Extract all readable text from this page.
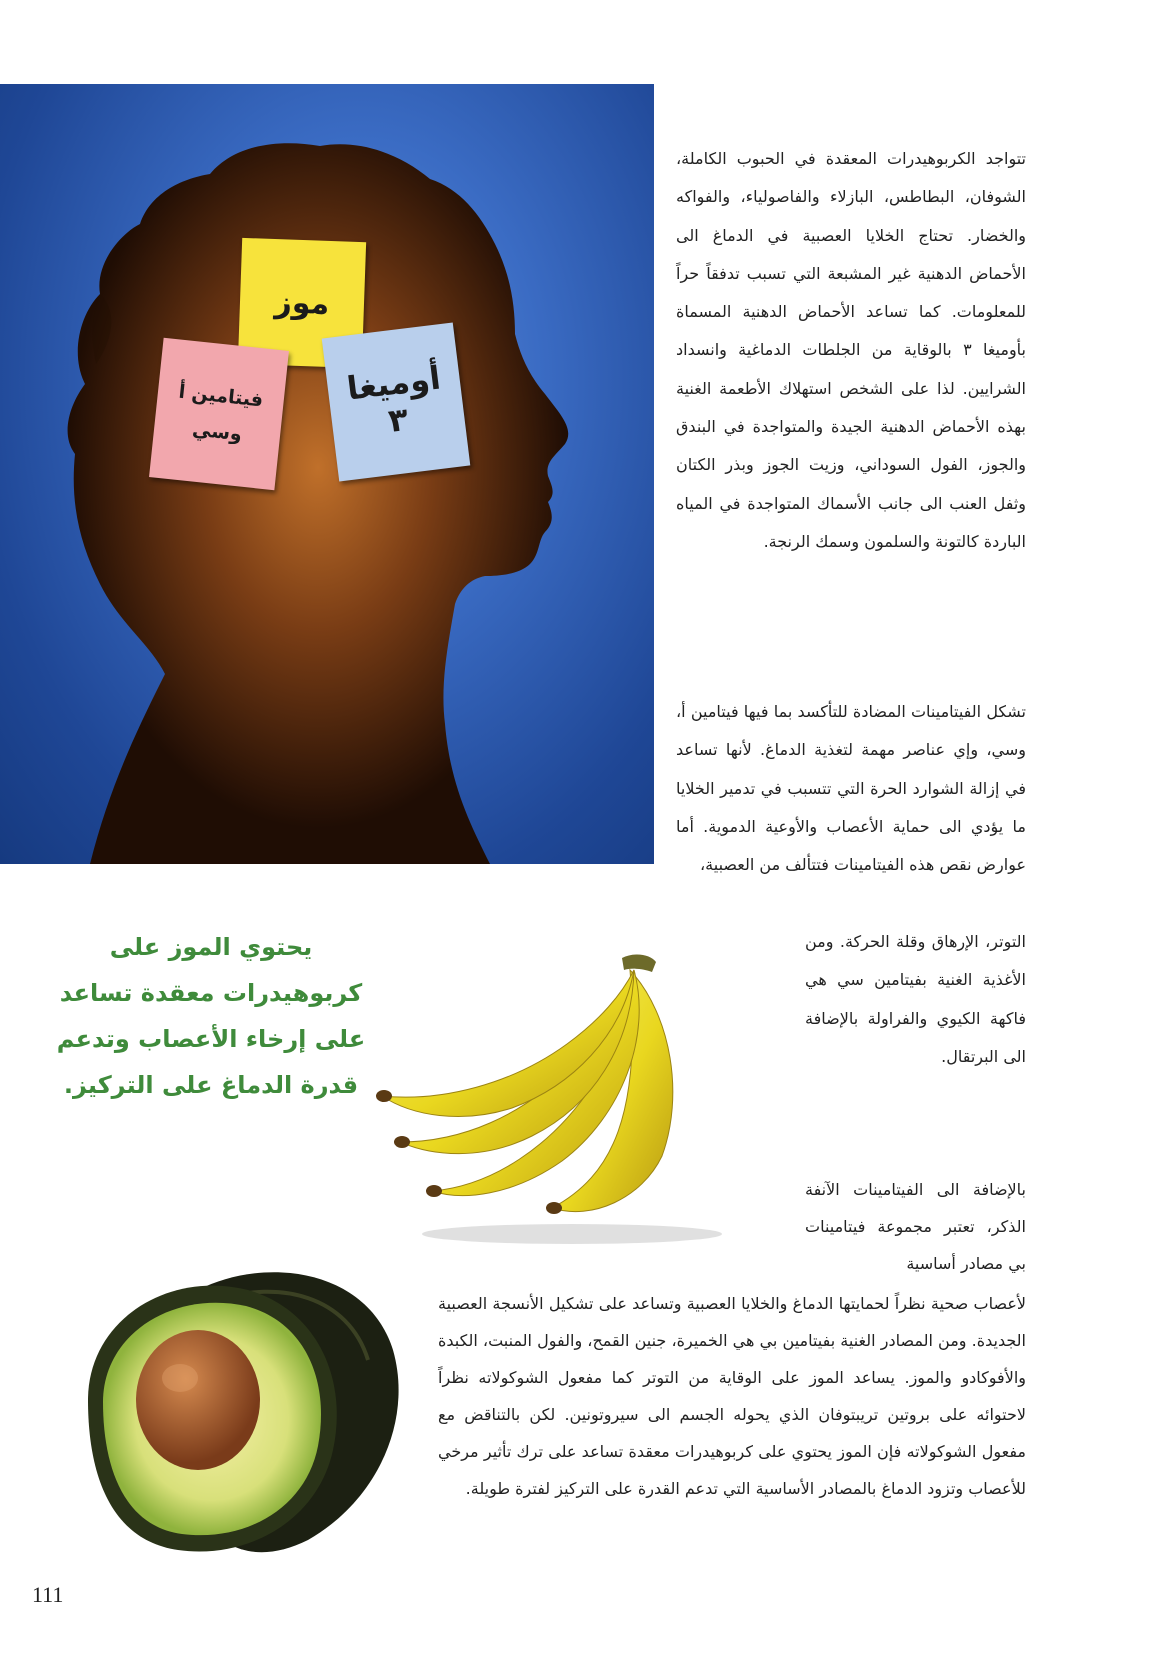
موز
فيتامين أ
وسي
أوميغا
٣

تتواجد الكربوهيدرات المعقدة في الحبوب الكاملة، الشوفان، البطاطس، البازلاء والفاصولياء، والفواكه والخضار. تحتاج الخلايا العصبية في الدماغ الى الأحماض الدهنية غير المشبعة التي تسبب تدفقاً حراً للمعلومات. كما تساعد الأحماض الدهنية المسماة بأوميغا ٣ بالوقاية من الجلطات الدماغية وانسداد الشرايين. لذا على الشخص استهلاك الأطعمة الغنية بهذه الأحماض الدهنية الجيدة والمتواجدة في البندق والجوز، الفول السوداني، وزيت الجوز وبذر الكتان وثفل العنب الى جانب الأسماك المتواجدة في المياه الباردة كالتونة والسلمون وسمك الرنجة.

تشكل الفيتامينات المضادة للتأكسد بما فيها فيتامين أ، وسي، وإي عناصر مهمة لتغذية الدماغ. لأنها تساعد في إزالة الشوارد الحرة التي تتسبب في تدمير الخلايا ما يؤدي الى حماية الأعصاب والأوعية الدموية. أما عوارض نقص هذه الفيتامينات فتتألف من العصبية،

التوتر، الإرهاق وقلة الحركة. ومن الأغذية الغنية بفيتامين سي هي فاكهة الكيوي والفراولة بالإضافة الى البرتقال.

بالإضافة الى الفيتامينات الآنفة الذكر، تعتبر مجموعة فيتامينات بي مصادر أساسية

لأعصاب صحية نظراً لحمايتها الدماغ والخلايا العصبية وتساعد على تشكيل الأنسجة العصبية الجديدة. ومن المصادر الغنية بفيتامين بي هي الخميرة، جنين القمح، والفول المنبت، الكبدة والأفوكادو والموز. يساعد الموز على الوقاية من التوتر كما مفعول الشوكولاته نظراً لاحتوائه على بروتين تريبتوفان الذي يحوله الجسم الى سيروتونين. لكن بالتناقض مع مفعول الشوكولاته فإن الموز يحتوي على كربوهيدرات معقدة تساعد على ترك تأثير مرخي للأعصاب وتزود الدماغ بالمصادر الأساسية التي تدعم القدرة على التركيز لفترة طويلة.

يحتوي الموز على كربوهيدرات معقدة تساعد على إرخاء الأعصاب وتدعم قدرة الدماغ على التركيز.

111
